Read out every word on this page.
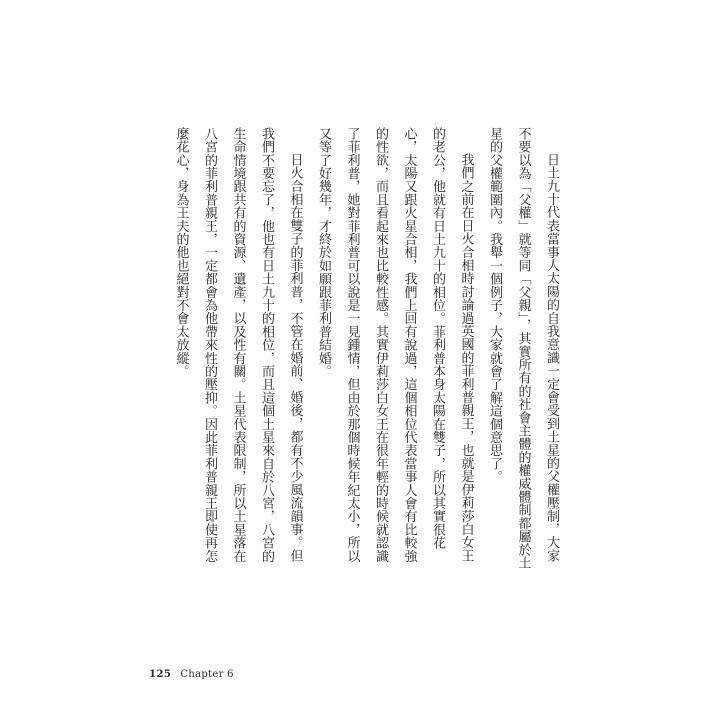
日土九十代表當事人太陽的自我意識一定會受到土星的父權壓制，大家不要以為「父權」就等同「父親」，其實所有的社會主體的權威體制都屬於土星的父權範圍內。我舉一個例子，大家就會了解這個意思了。

我們之前在日火合相時討論過英國的菲利普親王，也就是伊莉莎白女王的老公，他就有日土九十的相位。菲利普本身太陽在雙子，所以其實很花心，太陽又跟火星合相，我們上回有說過，這個相位代表當事人會有比較強的性欲，而且看起來也比較性感。其實伊莉莎白女王在很年輕的時候就認識了菲利普，她對菲利普可以說是一見鍾情，但由於那個時候年紀太小，所以又等了好幾年，才終於如願跟菲利普結婚。

日火合相在雙子的菲利普，不管在婚前、婚後，都有不少風流韻事。但我們不要忘了，他也有日土九十的相位，而且這個土星來自於八宮，八宮的生命情境跟共有的資源、遺產，以及性有關。土星代表限制，所以土星落在八宮的菲利普親王，一定都會為他帶來性的壓抑。因此菲利普親王即使再怎麼花心，身為王夫的他也絕對不會太放縱。

125 Chapter 6
